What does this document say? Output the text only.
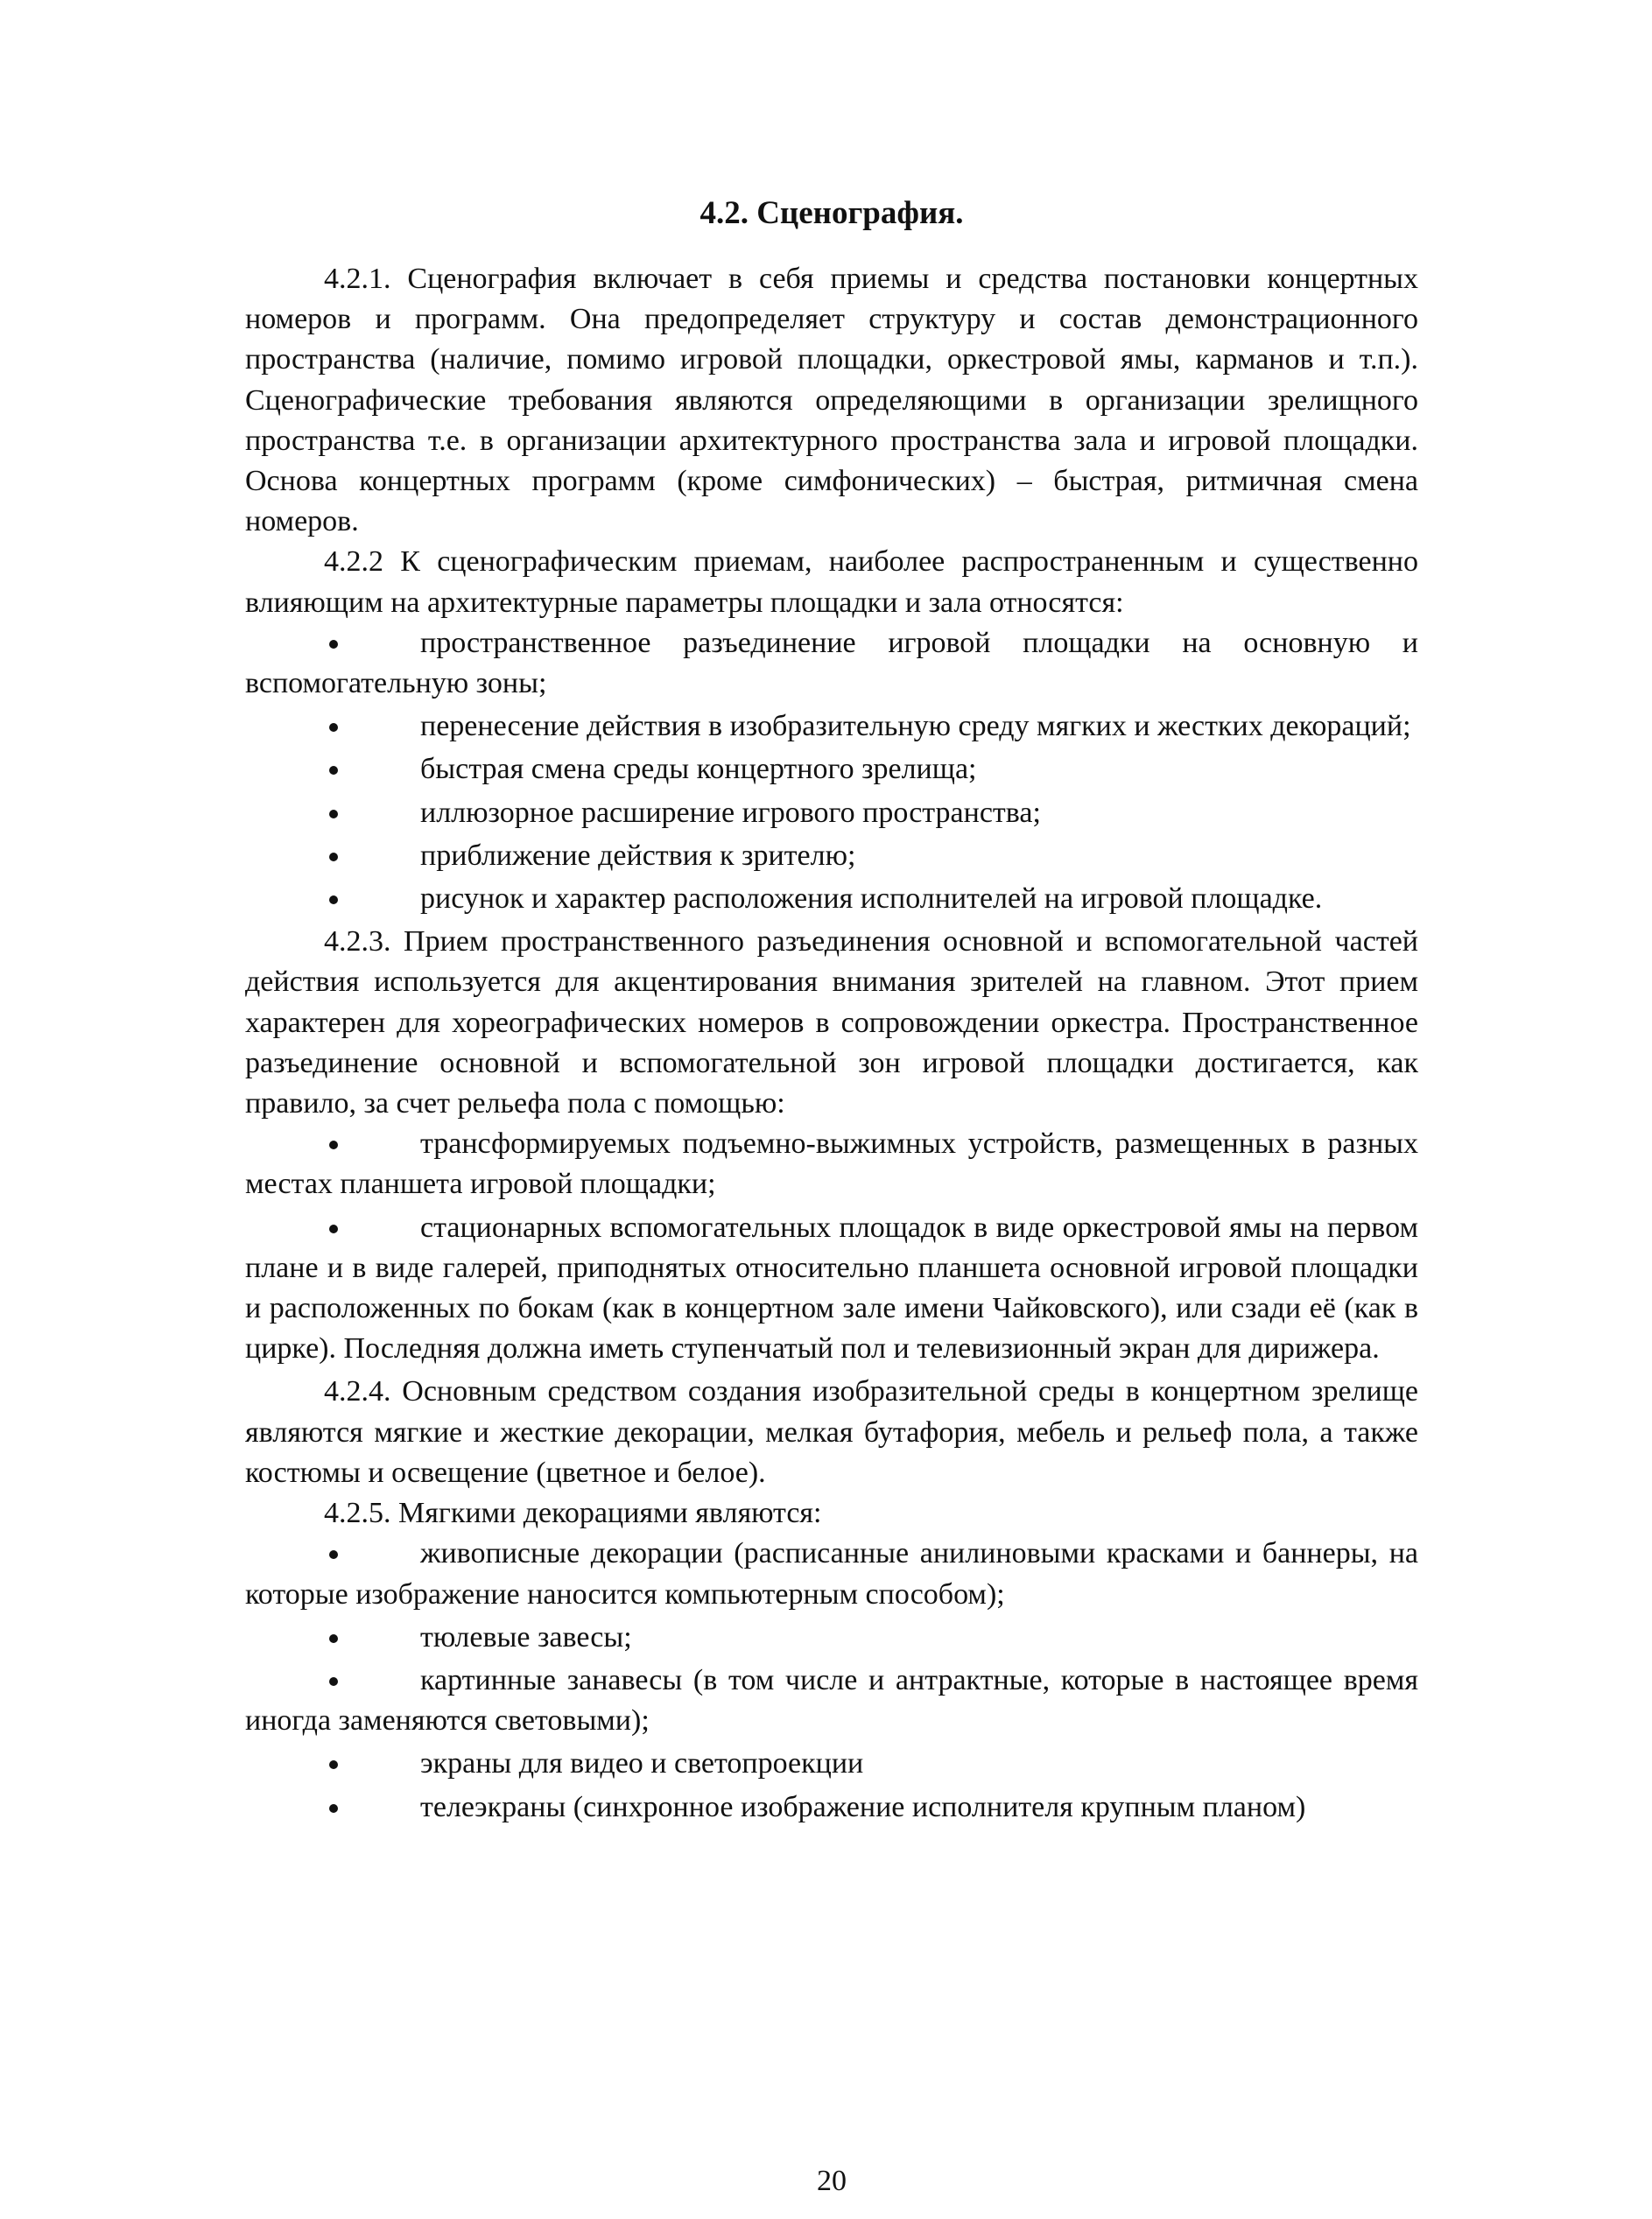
4.2. Сценография.

4.2.1. Сценография включает в себя приемы и средства постановки концертных номеров и программ. Она предопределяет структуру и состав демонстрационного пространства (наличие, помимо игровой площадки, оркестровой ямы, карманов и т.п.). Сценографические требования являются определяющими в организации зрелищного пространства т.е. в организации архитектурного пространства зала и игровой площадки. Основа концертных программ (кроме симфонических) – быстрая, ритмичная смена номеров.

4.2.2 К сценографическим приемам, наиболее распространенным и существенно влияющим на архитектурные параметры площадки и зала относятся:

пространственное разъединение игровой площадки на основную и вспомогательную зоны;

перенесение действия в изобразительную среду мягких и жестких декораций;

быстрая смена среды концертного зрелища;

иллюзорное расширение игрового пространства;

приближение действия к зрителю;

рисунок и характер расположения исполнителей на игровой площадке.

4.2.3. Прием пространственного разъединения основной и вспомогательной частей действия используется для акцентирования внимания зрителей на главном. Этот прием характерен для хореографических номеров в сопровождении оркестра. Пространственное разъединение основной и вспомогательной зон игровой площадки достигается, как правило, за счет рельефа пола с помощью:

трансформируемых подъемно-выжимных устройств, размещенных в разных местах планшета игровой площадки;

стационарных вспомогательных площадок в виде оркестровой ямы на первом плане и в виде галерей, приподнятых относительно планшета основной игровой площадки и расположенных по бокам (как в концертном зале имени Чайковского), или сзади её (как в цирке). Последняя должна иметь ступенчатый пол и телевизионный экран для дирижера.

4.2.4. Основным средством создания изобразительной среды в концертном зрелище являются мягкие и жесткие декорации, мелкая бутафория, мебель и рельеф пола, а также костюмы и освещение (цветное и белое).

4.2.5. Мягкими декорациями являются:

живописные декорации (расписанные анилиновыми красками и баннеры, на которые изображение наносится компьютерным способом);

тюлевые завесы;

картинные занавесы (в том числе и антрактные, которые в настоящее время иногда заменяются световыми);

экраны для видео и светопроекции

телеэкраны (синхронное изображение исполнителя крупным планом)

20
